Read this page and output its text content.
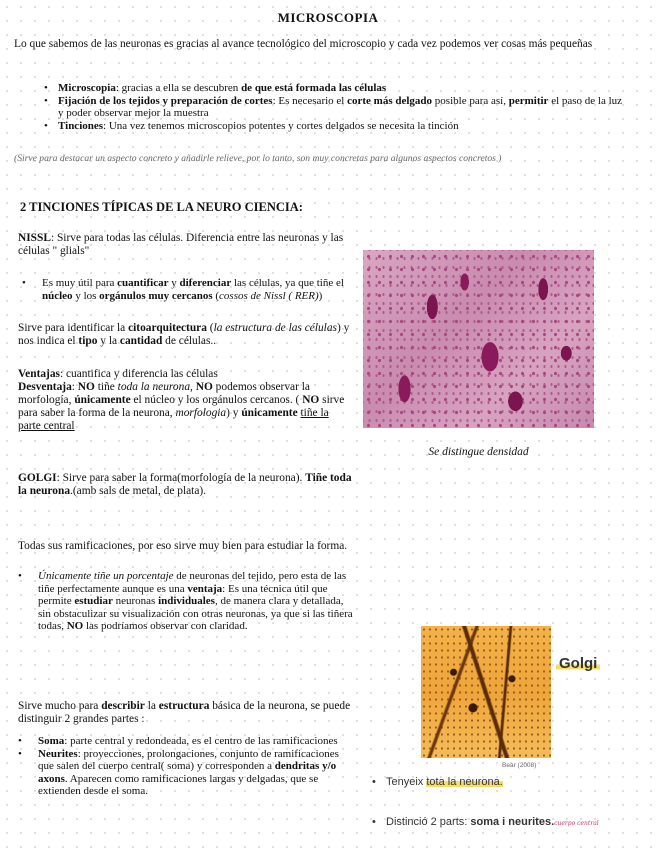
MICROSCOPIA
Lo que sabemos de las neuronas es gracias al avance tecnológico del microscopio y cada vez podemos ver cosas más pequeñas
• Microscopia: gracias a ella se descubren de que está formada las células
• Fijación de los tejidos y preparación de cortes: Es necesario el corte más delgado posible para así, permitir el paso de la luz y poder observar mejor la muestra
• Tinciones: Una vez tenemos microscopios potentes y cortes delgados se necesita la tinción
(Sirve para destacar un aspecto concreto y añadirle relieve, por lo tanto, son muy concretas para algunos aspectos concretos )
2 TINCIONES TÍPICAS DE LA NEURO CIENCIA:
NISSL: Sirve para todas las células. Diferencia entre las neuronas y las células " glials"
• Es muy útil para cuantificar y diferenciar las células, ya que tiñe el núcleo y los orgánulos muy cercanos (cossos de Nissl ( RER))
Sirve para identificar la citoarquitectura (la estructura de las células) y nos indica el tipo y la cantidad de células..
Ventajas: cuantifica y diferencia las células
Desventaja: NO tiñe toda la neurona, NO podemos observar la morfología, únicamente el núcleo y los orgánulos cercanos. ( NO sirve para saber la forma de la neurona, morfologia) y únicamente tiñe la parte central
Se distingue densidad
GOLGI: Sirve para saber la forma(morfología de la neurona). Tiñe toda la neurona.(amb sals de metal, de plata).
Todas sus ramificaciones, por eso sirve muy bien para estudiar la forma.
• Únicamente tiñe un porcentaje de neuronas del tejido, pero esta de las tiñe perfectamente aunque es una ventaja: Es una técnica útil que permite estudiar neuronas individuales, de manera clara y detallada, sin obstaculizar su visualización con otras neuronas, ya que si las tiñera todas, NO las podríamos observar con claridad.
Sirve mucho para describir la estructura básica de la neurona, se puede distinguir 2 grandes partes :
• Soma: parte central y redondeada, es el centro de las ramificaciones
• Neurites: proyecciones, prolongaciones, conjunto de ramificaciones que salen del cuerpo central( soma) y corresponden a dendritas y/o axons. Aparecen como ramificaciones largas y delgadas, que se extienden desde el soma.
Golgi
Bear (2008)
• Tenyeix tota la neurona.
• Distinció 2 parts: soma i neurites.cuerpo central
